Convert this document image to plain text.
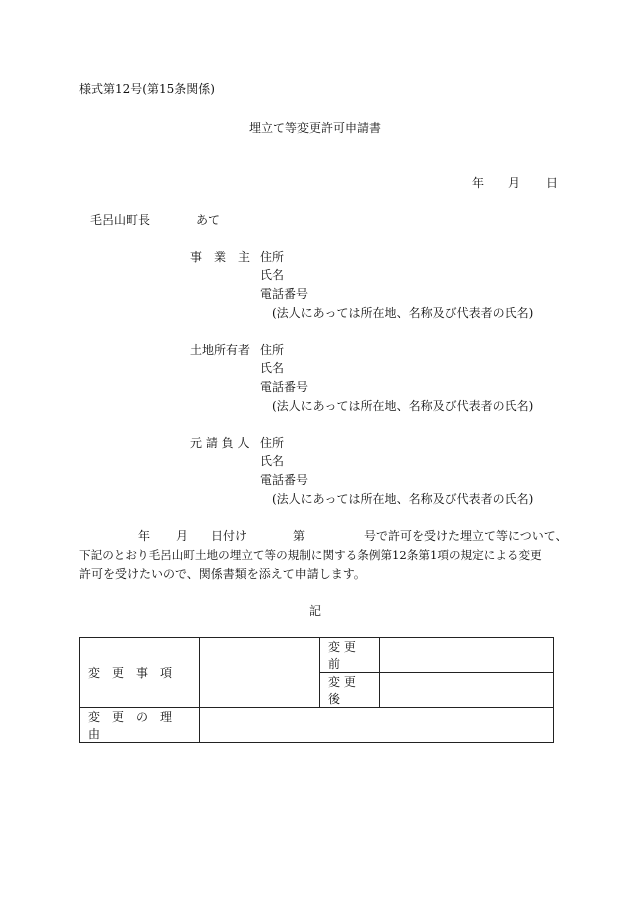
様式第12号(第15条関係)
埋立て等変更許可申請書
年 月 日
毛呂山町長	あて
事　業　主 住所
氏名
電話番号
(法人にあっては所在地、名称及び代表者の氏名)
土地所有者 住所
氏名
電話番号
(法人にあっては所在地、名称及び代表者の氏名)
元 請 負 人 住所
氏名
電話番号
(法人にあっては所在地、名称及び代表者の氏名)
年 月 日付け	第	号で許可を受けた埋立て等について、
下記のとおり毛呂山町土地の埋立て等の規制に関する条例第12条第1項の規定による変更
許可を受けたいので、関係書類を添えて申請します。
記
変　更　事　項		変 更 前	
		変 更 後	
変　更　の　理　由			
